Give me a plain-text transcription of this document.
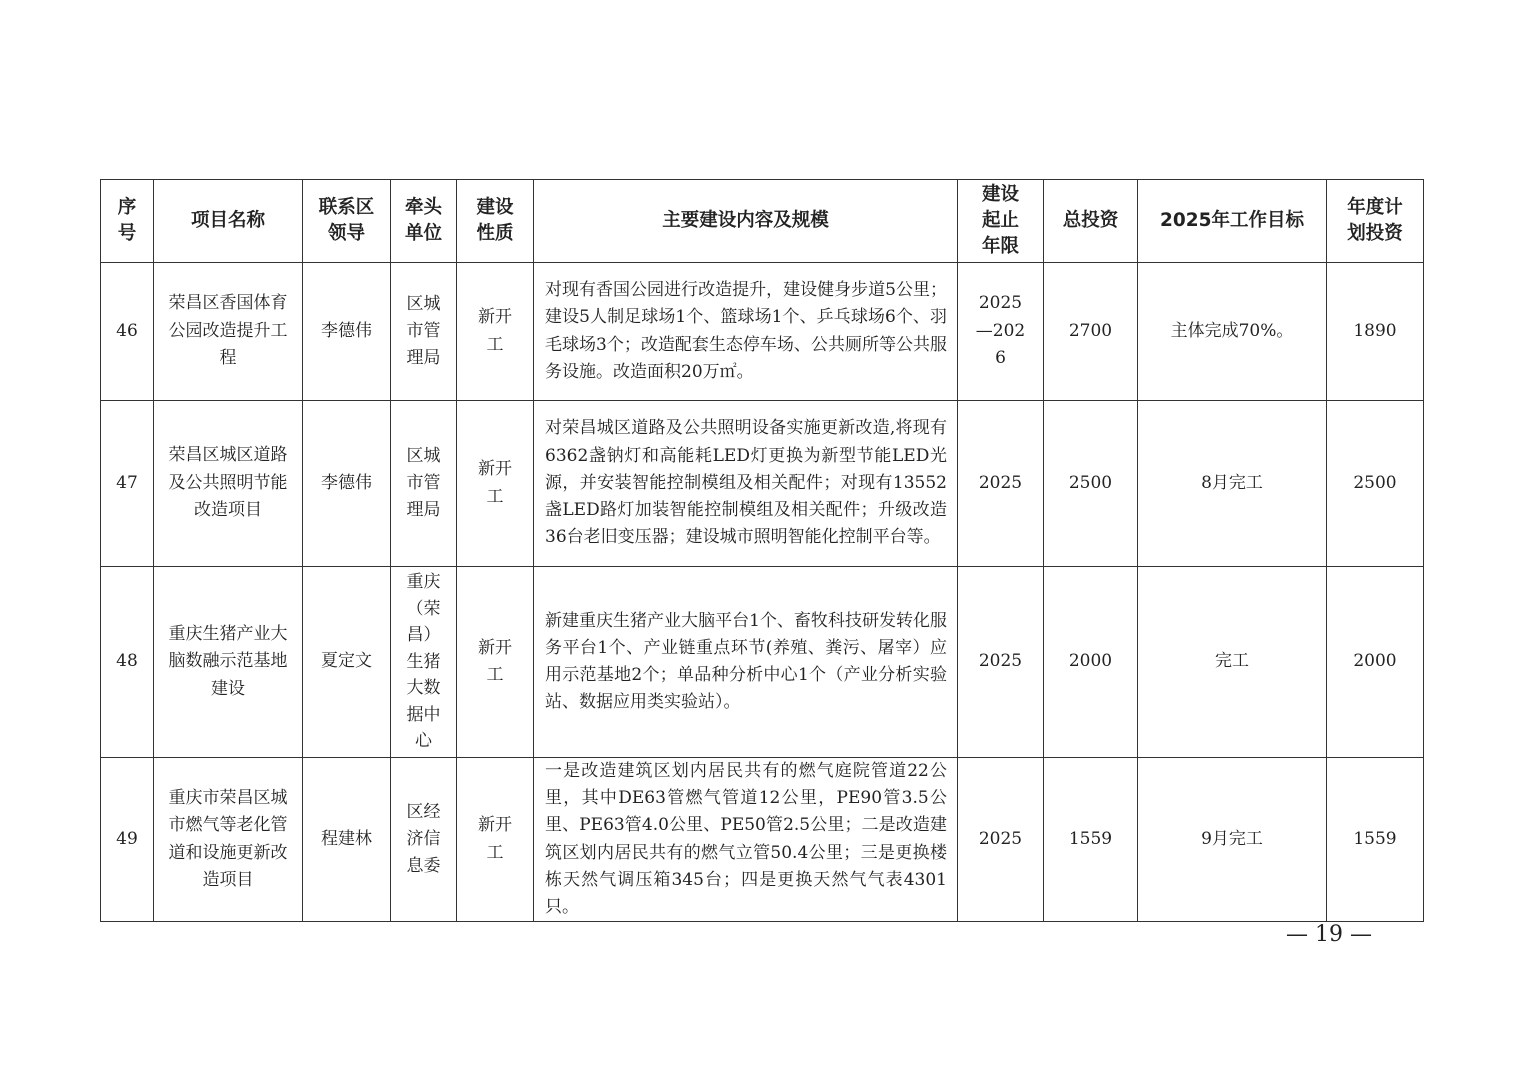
序号	项目名称	联系区领导	牵头单位	建设性质	主要建设内容及规模	建设起止年限	总投资	2025年工作目标	年度计划投资
46	荣昌区香国体育公园改造提升工程	李德伟	区城市管理局	新开工	对现有香国公园进行改造提升，建设健身步道5公里；建设5人制足球场1个、篮球场1个、乒乓球场6个、羽毛球场3个；改造配套生态停车场、公共厕所等公共服务设施。改造面积20万㎡。	2025—2026	2700	主体完成70%。	1890
47	荣昌区城区道路及公共照明节能改造项目	李德伟	区城市管理局	新开工	对荣昌城区道路及公共照明设备实施更新改造,将现有6362盏钠灯和高能耗LED灯更换为新型节能LED光源，并安装智能控制模组及相关配件；对现有13552盏LED路灯加装智能控制模组及相关配件；升级改造36台老旧变压器；建设城市照明智能化控制平台等。	2025	2500	8月完工	2500
48	重庆生猪产业大脑数融示范基地建设	夏定文	重庆（荣昌）生猪大数据中心	新开工	新建重庆生猪产业大脑平台1个、畜牧科技研发转化服务平台1个、产业链重点环节(养殖、粪污、屠宰）应用示范基地2个；单品种分析中心1个（产业分析实验站、数据应用类实验站）。	2025	2000	完工	2000
49	重庆市荣昌区城市燃气等老化管道和设施更新改造项目	程建林	区经济信息委	新开工	一是改造建筑区划内居民共有的燃气庭院管道22公里，其中DE63管燃气管道12公里，PE90管3.5公里、PE63管4.0公里、PE50管2.5公里；二是改造建筑区划内居民共有的燃气立管50.4公里；三是更换楼栋天然气调压箱345台；四是更换天然气气表4301只。	2025	1559	9月完工	1559
— 19 —
